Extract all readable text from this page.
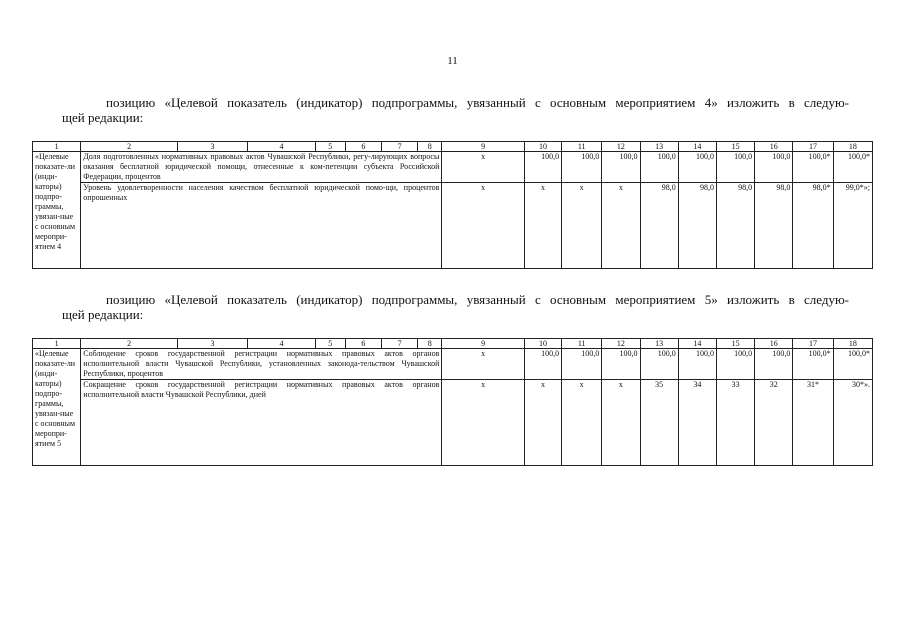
11
позицию «Целевой показатель (индикатор) подпрограммы, увязанный с основным мероприятием 4» изложить в следую-
щей редакции:
1	2	3	4	5	6	7	8	9	10	11	12	13	14	15	16	17	18
«Целевые показате-ли (инди-каторы) подпро-граммы, увязан-ные с основным меропри-ятием 4	Доля подготовленных нормативных правовых актов Чувашской Республики, регу-лирующих вопросы оказания бесплатной юридической помощи, отнесенные к ком-петенции субъекта Российской Федерации, процентов							х	100,0	100,0	100,0	100,0	100,0	100,0	100,0	100,0*	100,0*
	Уровень удовлетворенности населения качеством бесплатной юридической помо-щи, процентов опрошенных							х	х	х	х	98,0	98,0	98,0	98,0	98,0*	99,0*»;
позицию «Целевой показатель (индикатор) подпрограммы, увязанный с основным мероприятием 5» изложить в следую-
щей редакции:
1	2	3	4	5	6	7	8	9	10	11	12	13	14	15	16	17	18
«Целевые показате-ли (инди-каторы) подпро-граммы, увязан-ные с основным меропри-ятием 5	Соблюдение сроков государственной регистрации нормативных правовых актов органов исполнительной власти Чувашской Республики, установленных законода-тельством Чувашской Республики, процентов							х	100,0	100,0	100,0	100,0	100,0	100,0	100,0	100,0*	100,0*
	Сокращение сроков государственной регистрации нормативных правовых актов органов исполнительной власти Чувашской Республики, дней							х	х	х	х	35	34	33	32	31*	30*».
